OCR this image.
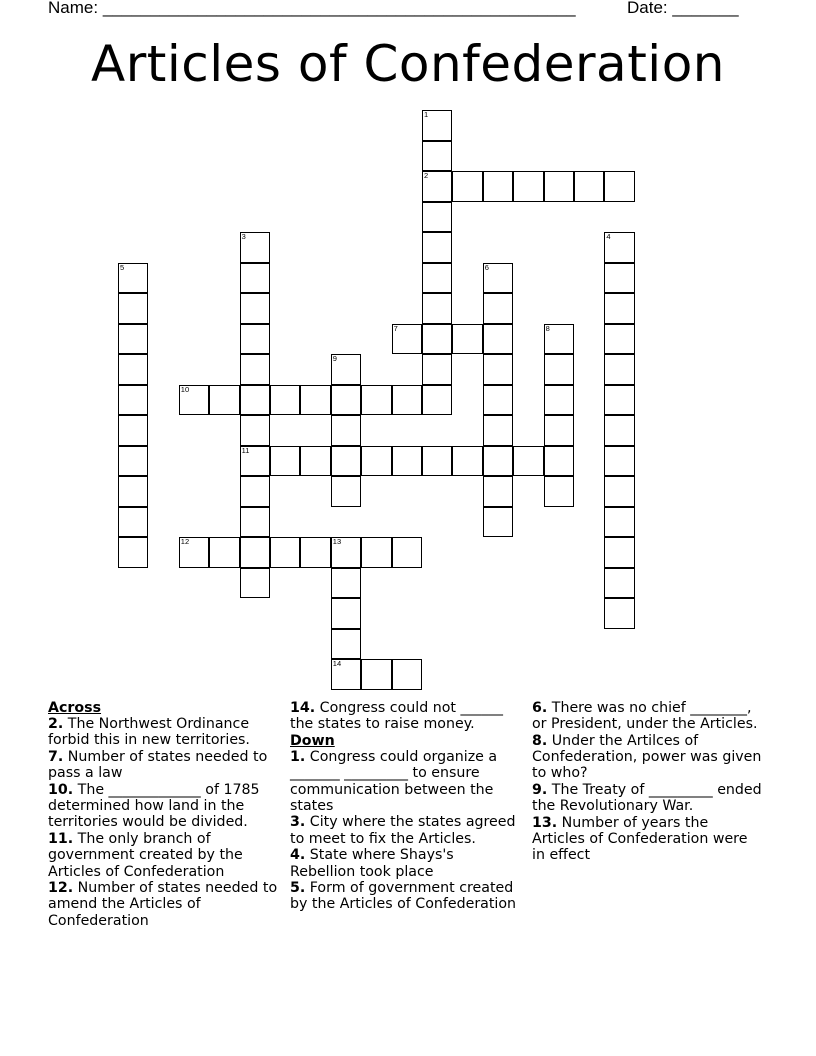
Name: __________________________________________________	Date: _______
Articles of Confederation
1
2
3
11
4
5	6
7	8
9
10
12	13
14
Across
2. The Northwest Ordinance forbid this in new territories.
7. Number of states needed to pass a law
10. The _____________ of 1785 determined how land in the territories would be divided.
11. The only branch of government created by the Articles of Confederation
12. Number of states needed to amend the Articles of Confederation
14. Congress could not ______ the states to raise money.
Down
1. Congress could organize a _______ _________ to ensure communication between the states
3. City where the states agreed to meet to fix the Articles.
4. State where Shays's Rebellion took place
5. Form of government created by the Articles of Confederation
6. There was no chief ________, or President, under the Articles.
8. Under the Artilces of Confederation, power was given to who?
9. The Treaty of _________ ended the Revolutionary War.
13. Number of years the Articles of Confederation were in effect
